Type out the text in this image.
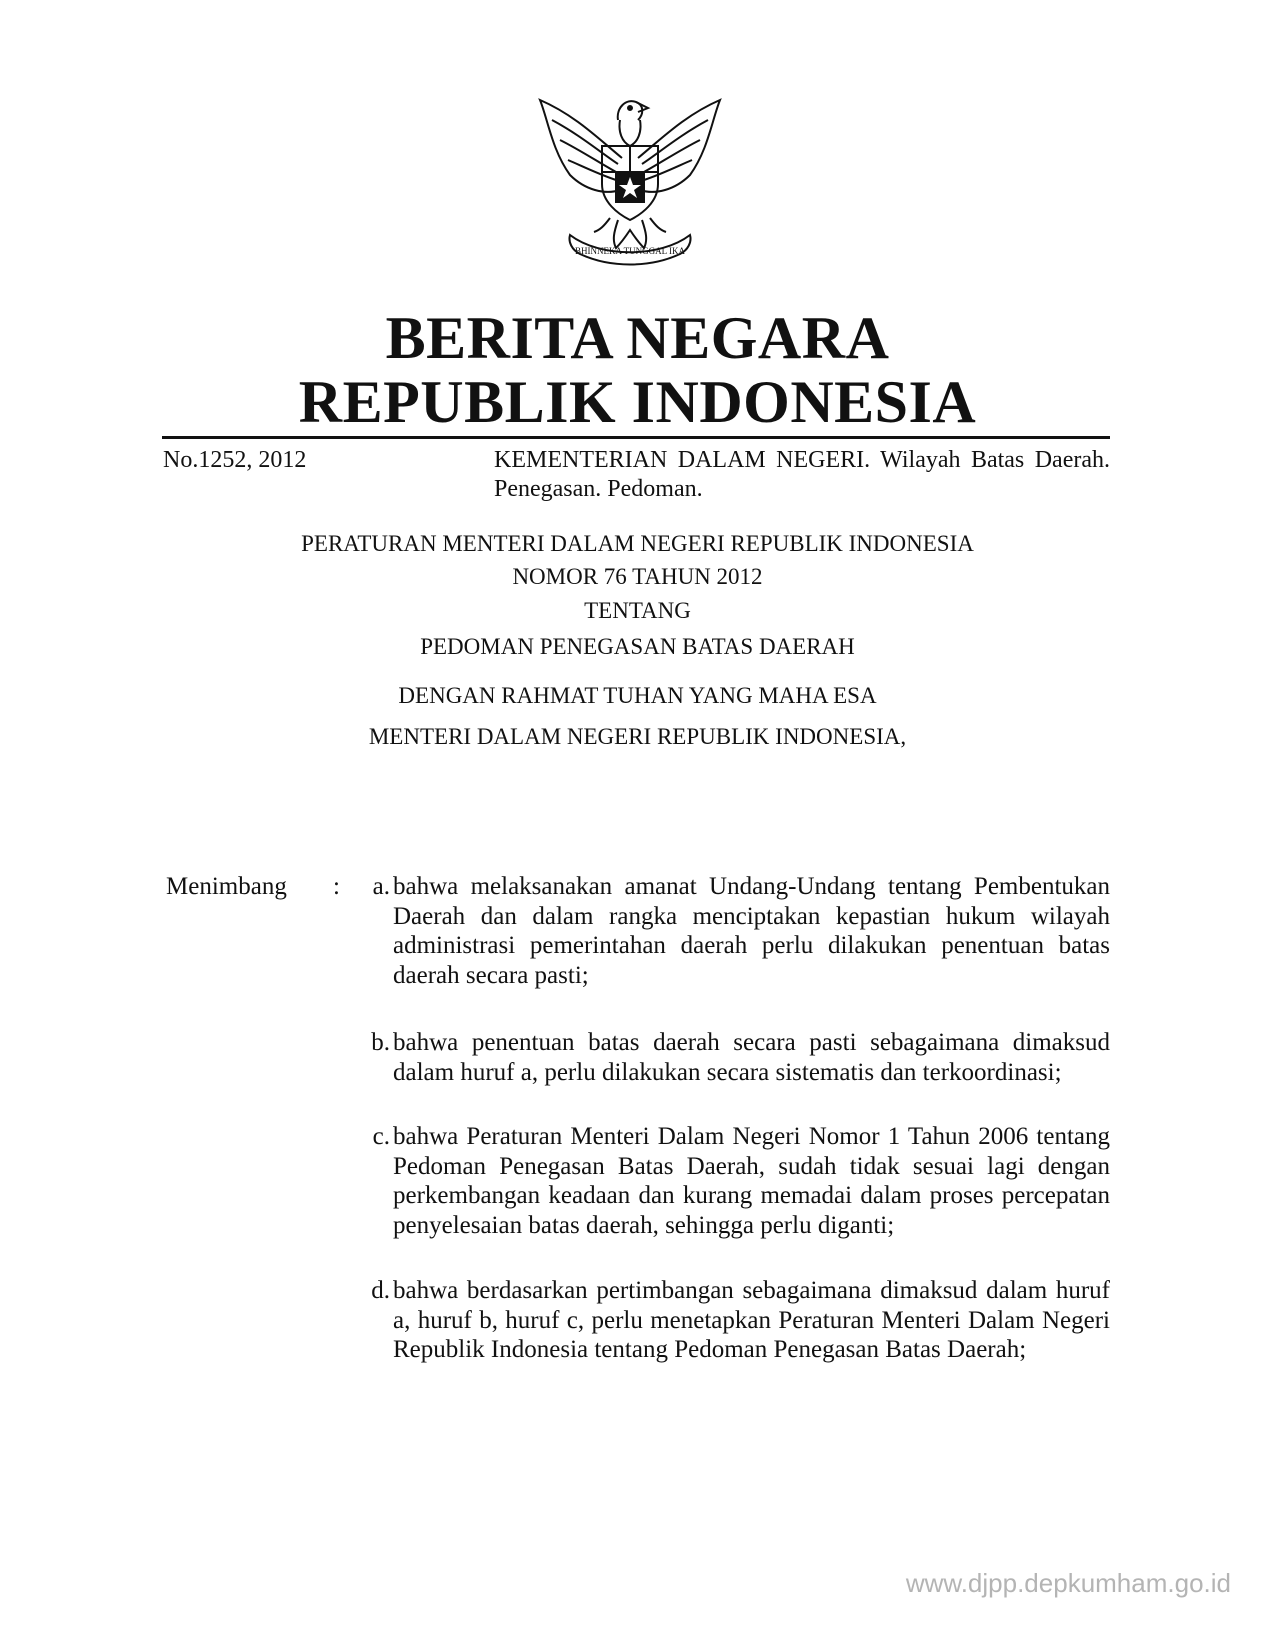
BHINNEKA TUNGGAL IKA
BERITA NEGARA
REPUBLIK INDONESIA
No.1252, 2012	KEMENTERIAN DALAM NEGERI. Wilayah Batas Daerah. Penegasan. Pedoman.
PERATURAN MENTERI DALAM NEGERI REPUBLIK INDONESIA
NOMOR 76 TAHUN 2012
TENTANG
PEDOMAN PENEGASAN BATAS DAERAH
DENGAN RAHMAT TUHAN YANG MAHA ESA
MENTERI DALAM NEGERI REPUBLIK INDONESIA,
Menimbang :	a. bahwa melaksanakan amanat Undang-Undang tentang Pembentukan Daerah dan dalam rangka menciptakan kepastian hukum wilayah administrasi pemerintahan daerah perlu dilakukan penentuan batas daerah secara pasti;
b. bahwa penentuan batas daerah secara pasti sebagaimana dimaksud dalam huruf a, perlu dilakukan secara sistematis dan terkoordinasi;
c. bahwa Peraturan Menteri Dalam Negeri Nomor 1 Tahun 2006 tentang Pedoman Penegasan Batas Daerah, sudah tidak sesuai lagi dengan perkembangan keadaan dan kurang memadai dalam proses percepatan penyelesaian batas daerah, sehingga perlu diganti;
d. bahwa berdasarkan pertimbangan sebagaimana dimaksud dalam huruf a, huruf b, huruf c, perlu menetapkan Peraturan Menteri Dalam Negeri Republik Indonesia tentang Pedoman Penegasan Batas Daerah;
www.djpp.depkumham.go.id
